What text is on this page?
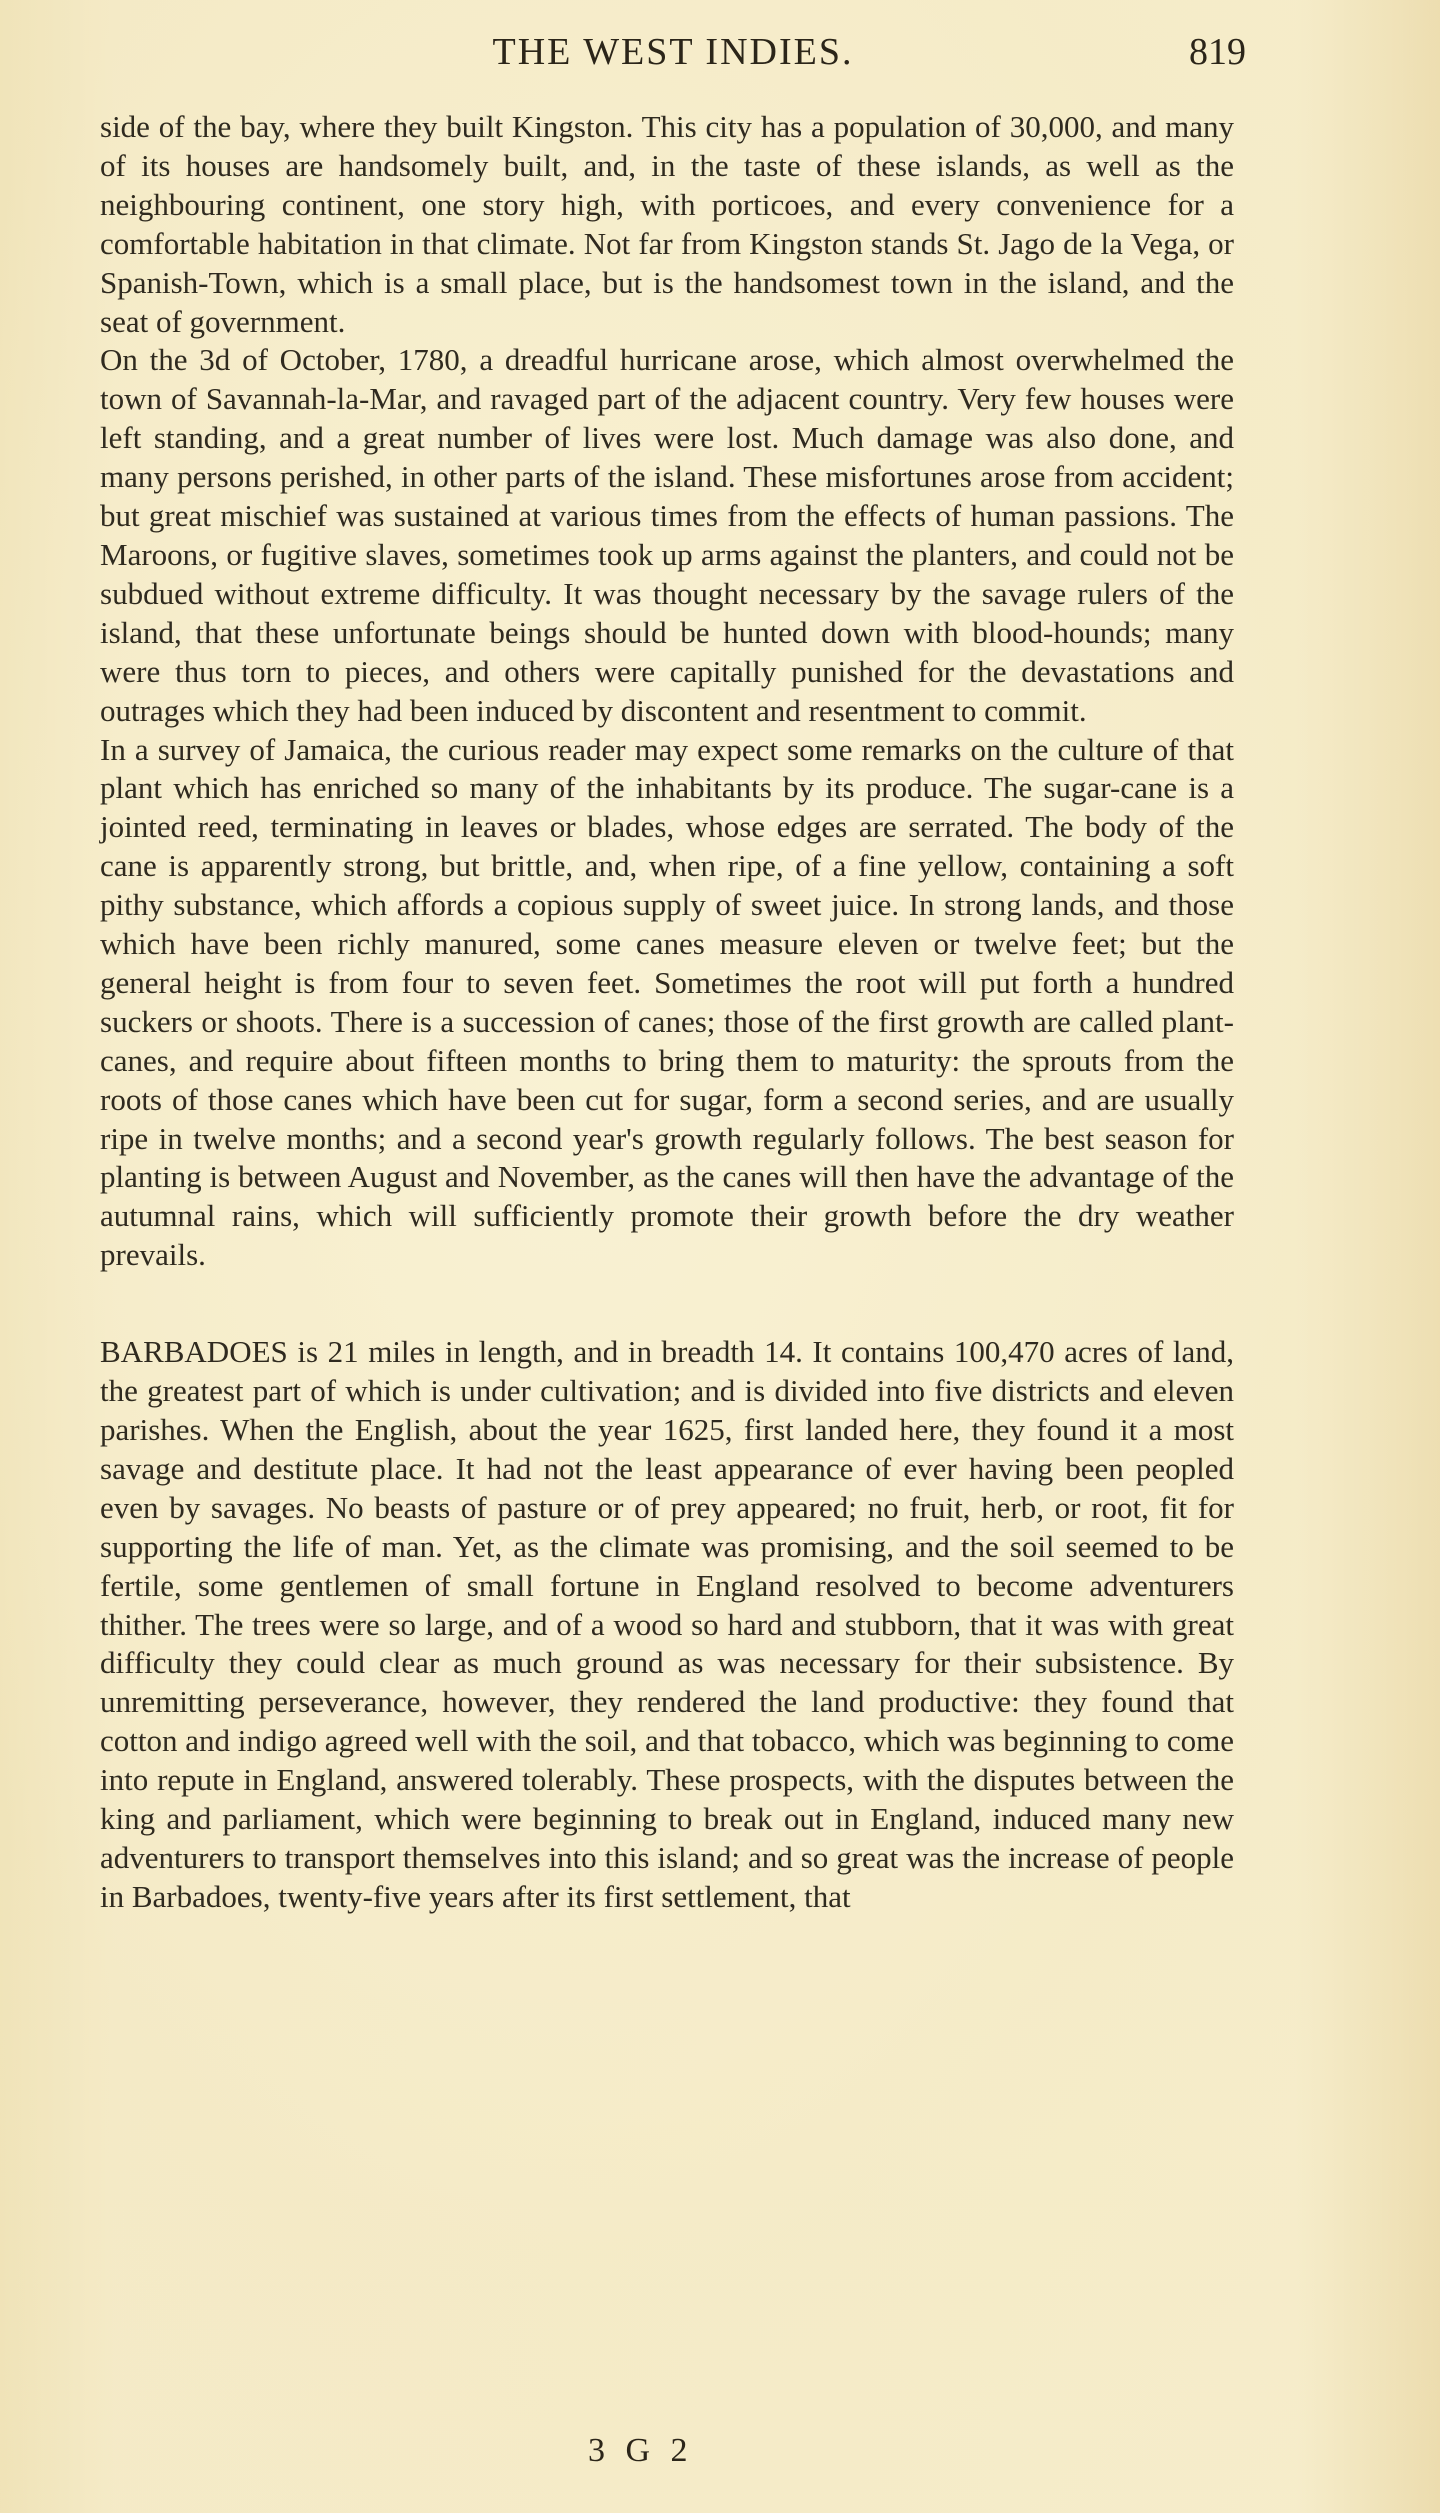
THE WEST INDIES.	819

side of the bay, where they built Kingston. This city has a population of 30,000, and many of its houses are handsomely built, and, in the taste of these islands, as well as the neighbouring continent, one story high, with porticoes, and every convenience for a comfortable habitation in that climate. Not far from Kingston stands St. Jago de la Vega, or Spanish-Town, which is a small place, but is the handsomest town in the island, and the seat of government.

On the 3d of October, 1780, a dreadful hurricane arose, which almost overwhelmed the town of Savannah-la-Mar, and ravaged part of the adjacent country. Very few houses were left standing, and a great number of lives were lost. Much damage was also done, and many persons perished, in other parts of the island. These misfortunes arose from accident; but great mischief was sustained at various times from the effects of human passions. The Maroons, or fugitive slaves, sometimes took up arms against the planters, and could not be subdued without extreme difficulty. It was thought necessary by the savage rulers of the island, that these unfortunate beings should be hunted down with blood-hounds; many were thus torn to pieces, and others were capitally punished for the devastations and outrages which they had been induced by discontent and resentment to commit.

In a survey of Jamaica, the curious reader may expect some remarks on the culture of that plant which has enriched so many of the inhabitants by its produce. The sugar-cane is a jointed reed, terminating in leaves or blades, whose edges are serrated. The body of the cane is apparently strong, but brittle, and, when ripe, of a fine yellow, containing a soft pithy substance, which affords a copious supply of sweet juice. In strong lands, and those which have been richly manured, some canes measure eleven or twelve feet; but the general height is from four to seven feet. Sometimes the root will put forth a hundred suckers or shoots. There is a succession of canes; those of the first growth are called plant-canes, and require about fifteen months to bring them to maturity: the sprouts from the roots of those canes which have been cut for sugar, form a second series, and are usually ripe in twelve months; and a second year's growth regularly follows. The best season for planting is between August and November, as the canes will then have the advantage of the autumnal rains, which will sufficiently promote their growth before the dry weather prevails.

BARBADOES is 21 miles in length, and in breadth 14. It contains 100,470 acres of land, the greatest part of which is under cultivation; and is divided into five districts and eleven parishes. When the English, about the year 1625, first landed here, they found it a most savage and destitute place. It had not the least appearance of ever having been peopled even by savages. No beasts of pasture or of prey appeared; no fruit, herb, or root, fit for supporting the life of man. Yet, as the climate was promising, and the soil seemed to be fertile, some gentlemen of small fortune in England resolved to become adventurers thither. The trees were so large, and of a wood so hard and stubborn, that it was with great difficulty they could clear as much ground as was necessary for their subsistence. By unremitting perseverance, however, they rendered the land productive: they found that cotton and indigo agreed well with the soil, and that tobacco, which was beginning to come into repute in England, answered tolerably. These prospects, with the disputes between the king and parliament, which were beginning to break out in England, induced many new adventurers to transport themselves into this island; and so great was the increase of people in Barbadoes, twenty-five years after its first settlement, that

3 G 2
